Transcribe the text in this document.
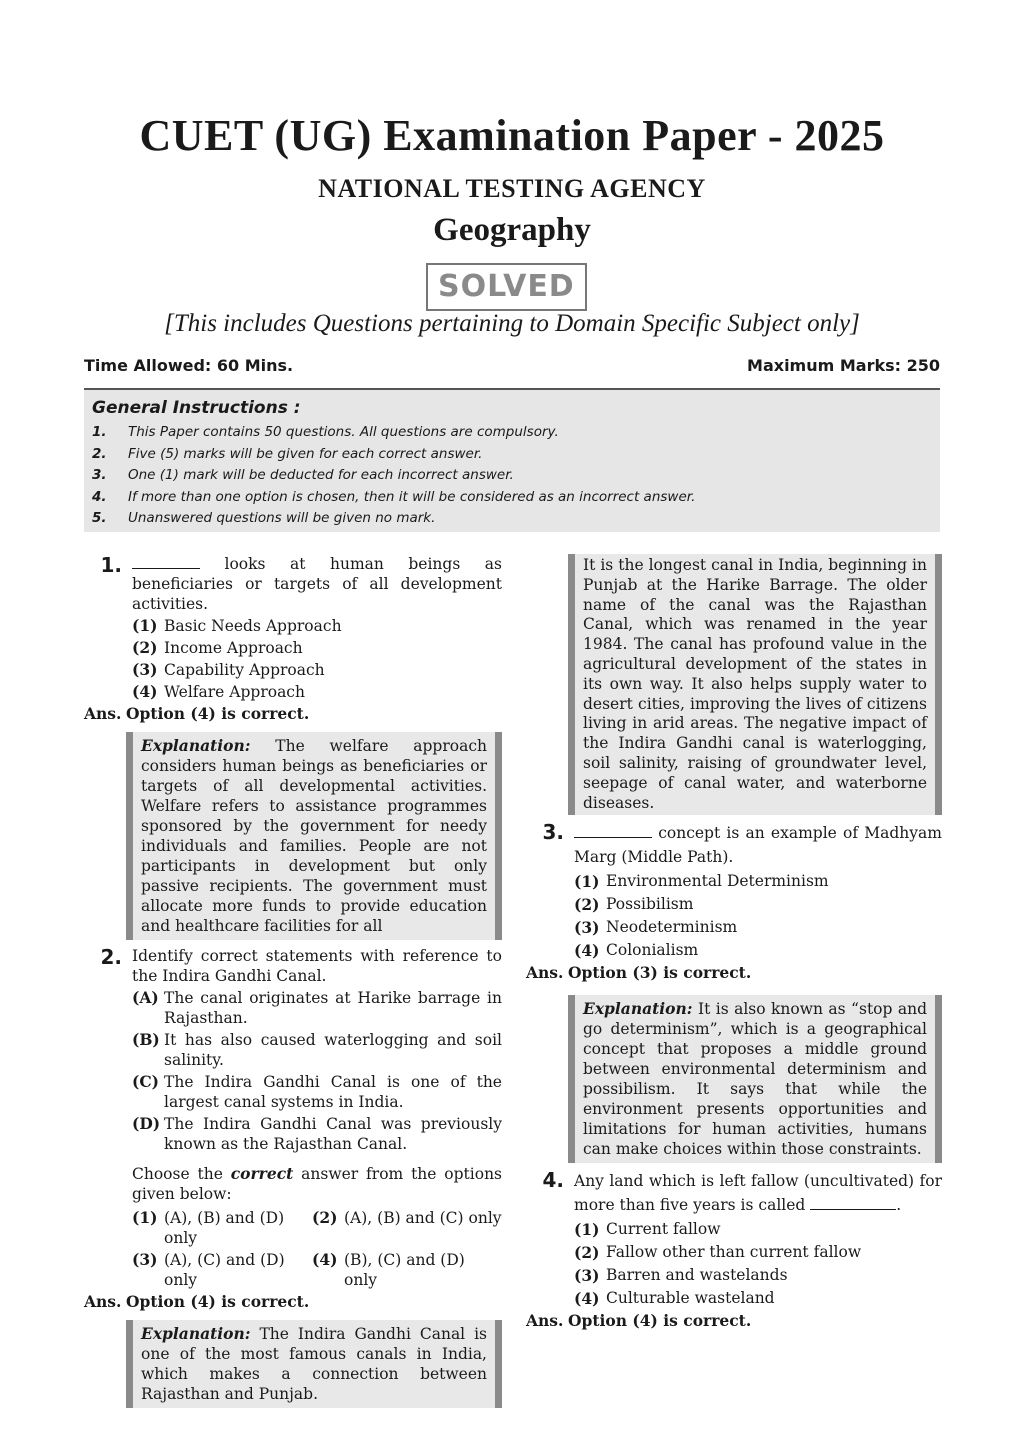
CUET (UG) Examination Paper - 2025
NATIONAL TESTING AGENCY
Geography
SOLVED
[This includes Questions pertaining to Domain Specific Subject only]
Time Allowed: 60 Mins.	Maximum Marks: 250
General Instructions :
1.	This Paper contains 50 questions. All questions are compulsory.
2.	Five (5) marks will be given for each correct answer.
3.	One (1) mark will be deducted for each incorrect answer.
4.	If more than one option is chosen, then it will be considered as an incorrect answer.
5.	Unanswered questions will be given no mark.
1.	looks at human beings as beneficiaries or targets of all development activities.
(1) Basic Needs Approach
(2) Income Approach
(3) Capability Approach
(4) Welfare Approach
Ans. Option (4) is correct.
Explanation: The welfare approach considers human beings as beneficiaries or targets of all developmental activities. Welfare refers to assistance programmes sponsored by the government for needy individuals and families. People are not participants in development but only passive recipients. The government must allocate more funds to provide education and healthcare facilities for all
2. Identify correct statements with reference to the Indira Gandhi Canal.
(A) The canal originates at Harike barrage in Rajasthan.
(B) It has also caused waterlogging and soil salinity.
(C) The Indira Gandhi Canal is one of the largest canal systems in India.
(D) The Indira Gandhi Canal was previously known as the Rajasthan Canal.
Choose the correct answer from the options given below:
(1) (A), (B) and (D) only
(2) (A), (B) and (C) only
(3) (A), (C) and (D) only
(4) (B), (C) and (D) only
Ans. Option (4) is correct.
Explanation: The Indira Gandhi Canal is one of the most famous canals in India, which makes a connection between Rajasthan and Punjab.
It is the longest canal in India, beginning in Punjab at the Harike Barrage. The older name of the canal was the Rajasthan Canal, which was renamed in the year 1984. The canal has profound value in the agricultural development of the states in its own way. It also helps supply water to desert cities, improving the lives of citizens living in arid areas. The negative impact of the Indira Gandhi canal is waterlogging, soil salinity, raising of groundwater level, seepage of canal water, and waterborne diseases.
3.	concept is an example of Madhyam Marg (Middle Path).
(1) Environmental Determinism
(2) Possibilism
(3) Neodeterminism
(4) Colonialism
Ans. Option (3) is correct.
Explanation: It is also known as “stop and go determinism”, which is a geographical concept that proposes a middle ground between environmental determinism and possibilism. It says that while the environment presents opportunities and limitations for human activities, humans can make choices within those constraints.
4. Any land which is left fallow (uncultivated) for more than five years is called	.
(1) Current fallow
(2) Fallow other than current fallow
(3) Barren and wastelands
(4) Culturable wasteland
Ans. Option (4) is correct.
